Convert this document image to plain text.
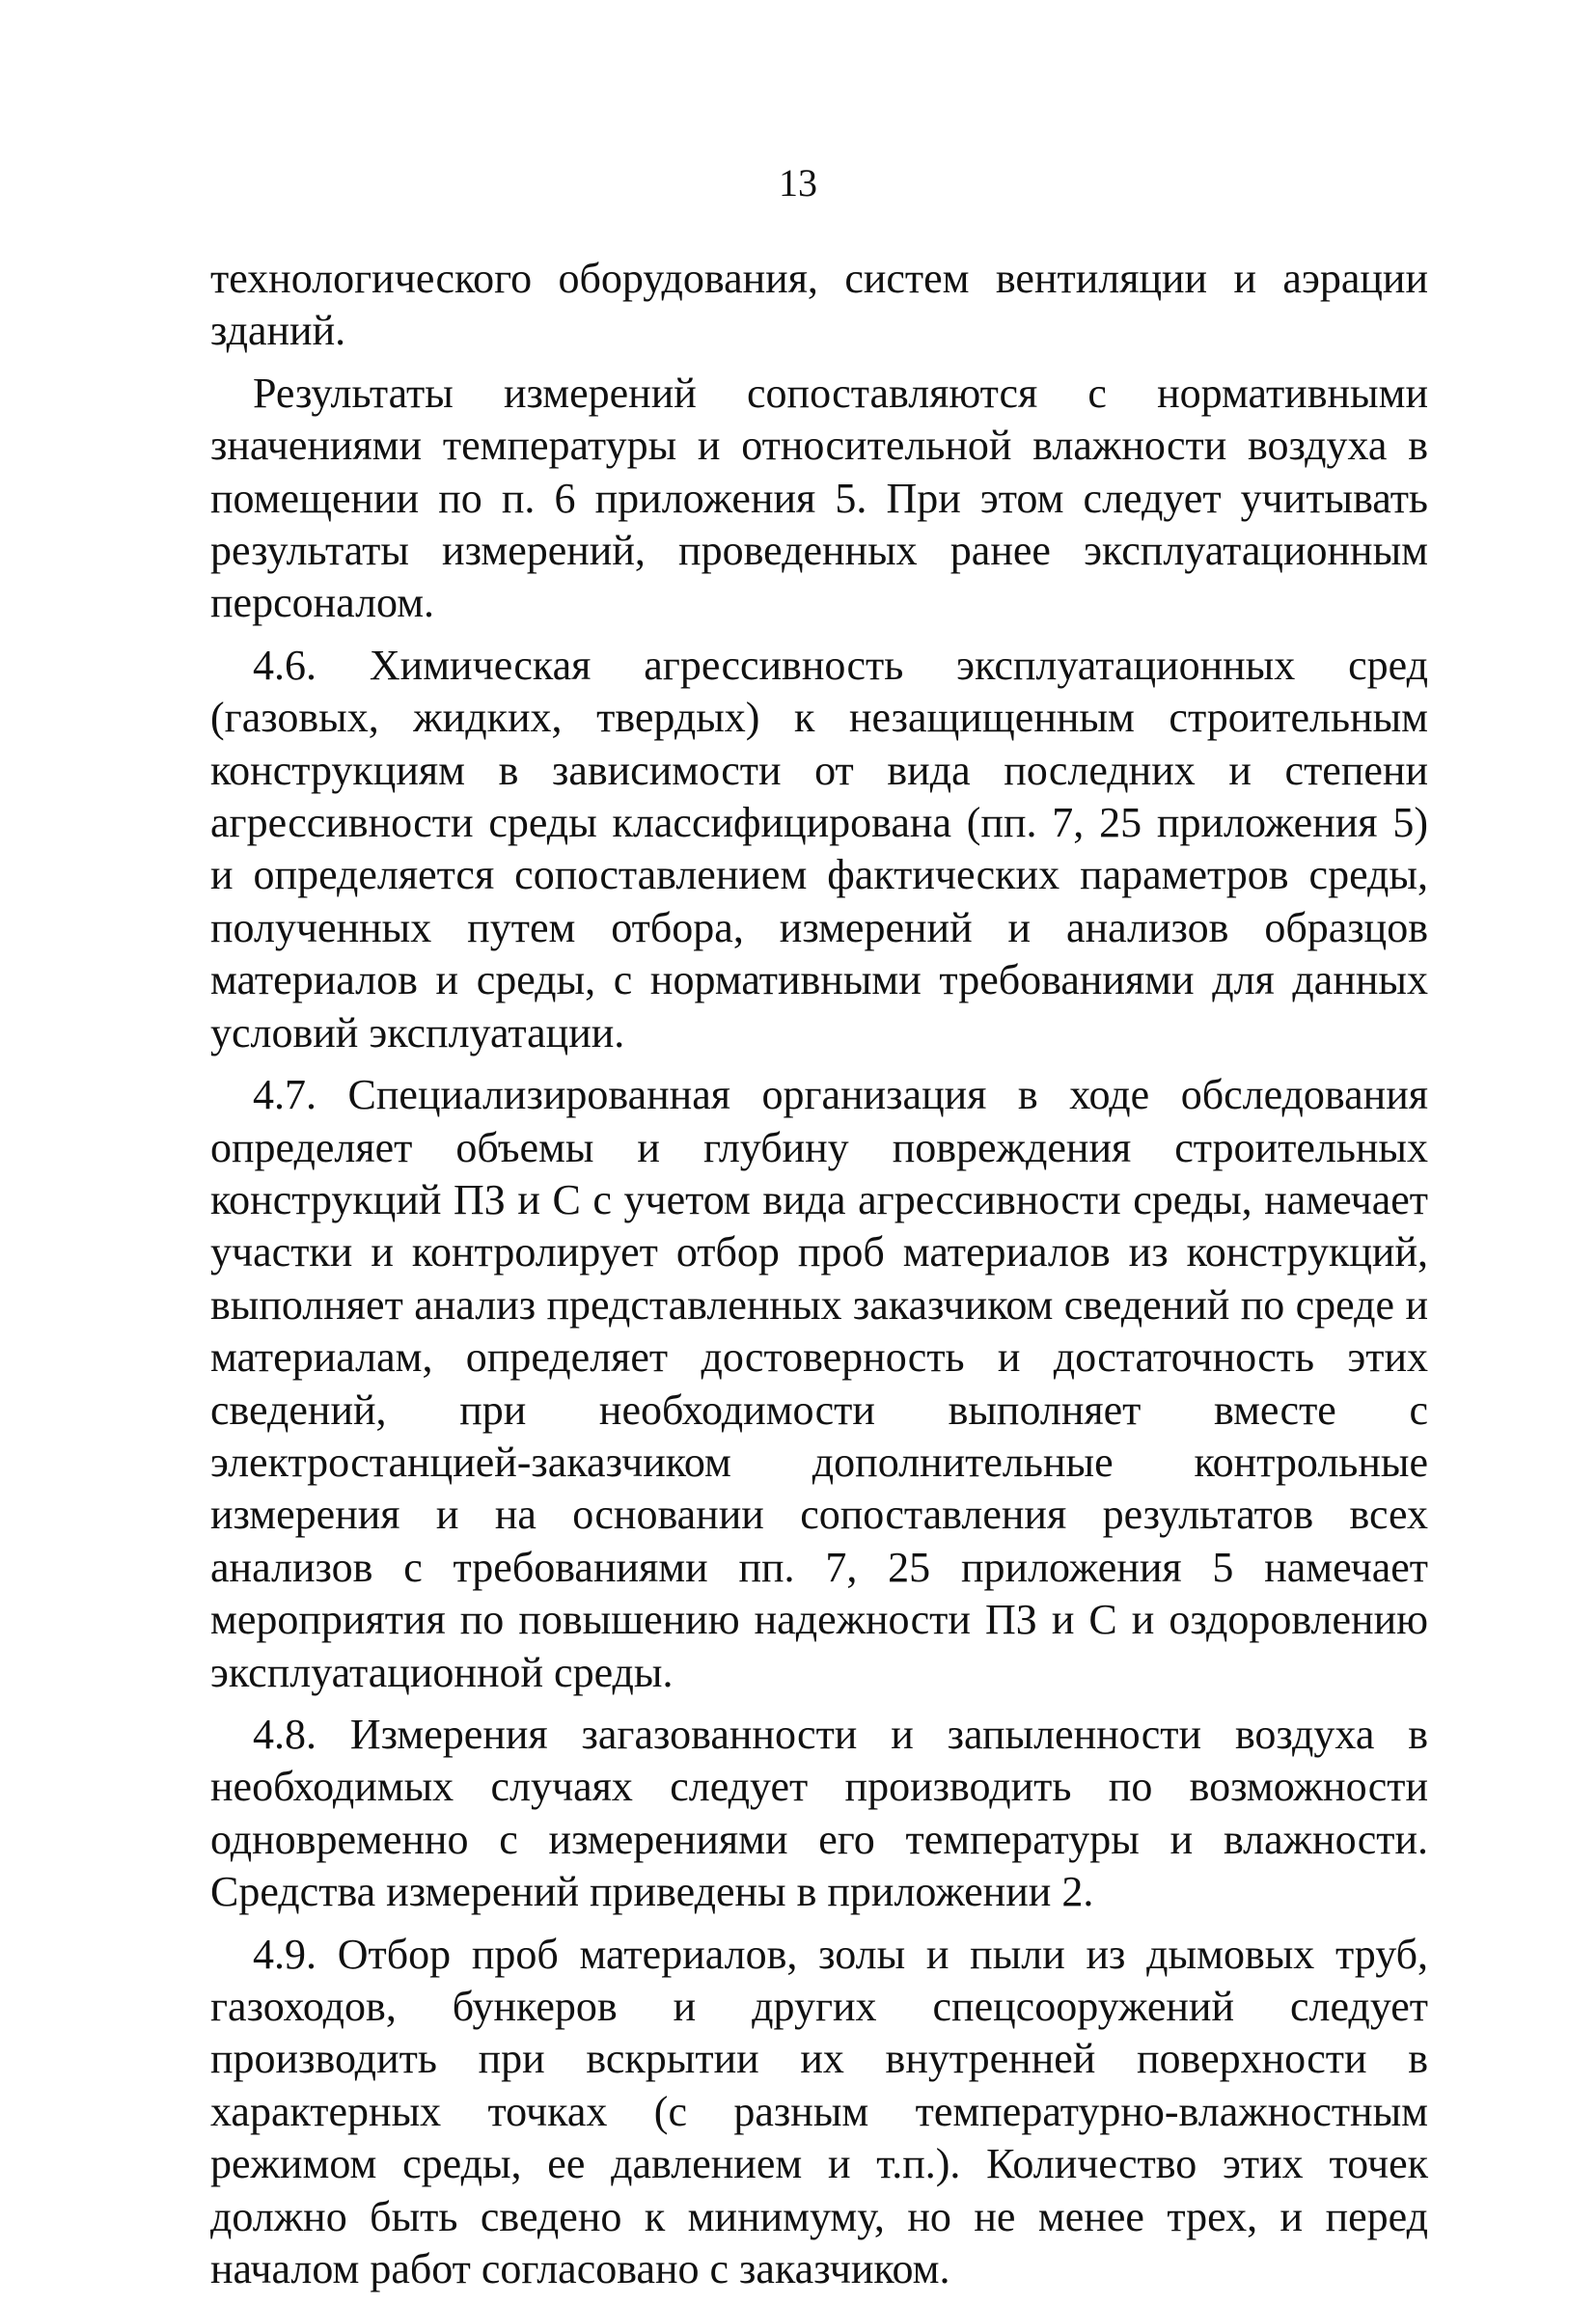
13

технологического оборудования, систем вентиляции и аэрации зданий.

Результаты измерений сопоставляются с нормативными значениями температуры и относительной влажности воздуха в помещении по п. 6 приложения 5. При этом следует учитывать результаты измерений, проведенных ранее эксплуатационным персоналом.

4.6. Химическая агрессивность эксплуатационных сред (газовых, жидких, твердых) к незащищенным строительным конструкциям в зависимости от вида последних и степени агрессивности среды классифицирована (пп. 7, 25 приложения 5) и определяется сопоставлением фактических параметров среды, полученных путем отбора, измерений и анализов образцов материалов и среды, с нормативными требованиями для данных условий эксплуатации.

4.7. Специализированная организация в ходе обследования определяет объемы и глубину повреждения строительных конструкций ПЗ и С с учетом вида агрессивности среды, намечает участки и контролирует отбор проб материалов из конструкций, выполняет анализ представленных заказчиком сведений по среде и материалам, определяет достоверность и достаточность этих сведений, при необходимости выполняет вместе с электростанцией-заказчиком дополнительные контрольные измерения и на основании сопоставления результатов всех анализов с требованиями пп. 7, 25 приложения 5 намечает мероприятия по повышению надежности ПЗ и С и оздоровлению эксплуатационной среды.

4.8. Измерения загазованности и запыленности воздуха в необходимых случаях следует производить по возможности одновременно с измерениями его температуры и влажности. Средства измерений приведены в приложении 2.

4.9. Отбор проб материалов, золы и пыли из дымовых труб, газоходов, бункеров и других спецсооружений следует производить при вскрытии их внутренней поверхности в характерных точках (с разным температурно-влажностным режимом среды, ее давлением и т.п.). Количество этих точек должно быть сведено к минимуму, но не менее трех, и перед началом работ согласовано с заказчиком.
